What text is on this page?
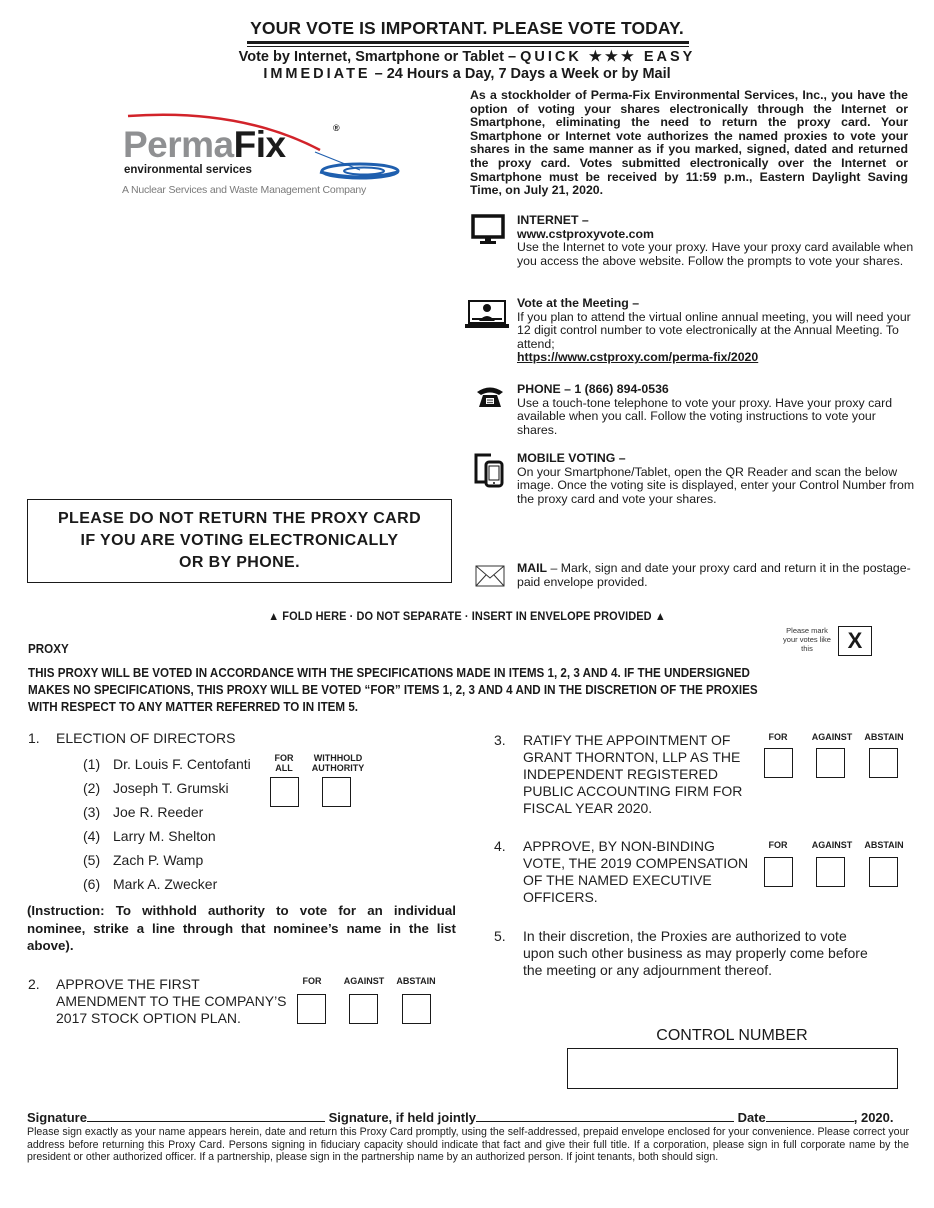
YOUR VOTE IS IMPORTANT. PLEASE VOTE TODAY.
Vote by Internet, Smartphone or Tablet – QUICK ★★★ EASY
IMMEDIATE – 24 Hours a Day, 7 Days a Week or by Mail
PermaFix	®
environmental services
A Nuclear Services and Waste Management Company
As a stockholder of Perma-Fix Environmental Services, Inc., you have the option of voting your shares electronically through the Internet or Smartphone, eliminating the need to return the proxy card. Your Smartphone or Internet vote authorizes the named proxies to vote your shares in the same manner as if you marked, signed, dated and returned the proxy card. Votes submitted electronically over the Internet or Smartphone must be received by 11:59 p.m., Eastern Daylight Saving Time, on July 21, 2020.
INTERNET –
www.cstproxyvote.com
Use the Internet to vote your proxy. Have your proxy card available when you access the above website. Follow the prompts to vote your shares.
Vote at the Meeting –
If you plan to attend the virtual online annual meeting, you will need your 12 digit control number to vote electronically at the Annual Meeting. To attend;
https://www.cstproxy.com/perma-fix/2020
PHONE – 1 (866) 894-0536
Use a touch-tone telephone to vote your proxy. Have your proxy card available when you call. Follow the voting instructions to vote your shares.
MOBILE VOTING –
On your Smartphone/Tablet, open the QR Reader and scan the below image. Once the voting site is displayed, enter your Control Number from the proxy card and vote your shares.
MAIL – Mark, sign and date your proxy card and return it in the postage-paid envelope provided.
PLEASE DO NOT RETURN THE PROXY CARD
IF YOU ARE VOTING ELECTRONICALLY
OR BY PHONE.
▲ FOLD HERE · DO NOT SEPARATE · INSERT IN ENVELOPE PROVIDED ▲
Please mark your votes like this	X
PROXY
THIS PROXY WILL BE VOTED IN ACCORDANCE WITH THE SPECIFICATIONS MADE IN ITEMS 1, 2, 3 AND 4. IF THE UNDERSIGNED MAKES NO SPECIFICATIONS, THIS PROXY WILL BE VOTED “FOR” ITEMS 1, 2, 3 AND 4 AND IN THE DISCRETION OF THE PROXIES WITH RESPECT TO ANY MATTER REFERRED TO IN ITEM 5.
1. ELECTION OF DIRECTORS
(1) Dr. Louis F. Centofanti
(2) Joseph T. Grumski
(3) Joe R. Reeder
(4) Larry M. Shelton
(5) Zach P. Wamp
(6) Mark A. Zwecker
FOR
ALL
WITHHOLD
AUTHORITY
(Instruction: To withhold authority to vote for an individual nominee, strike a line through that nominee’s name in the list above).
2. APPROVE THE FIRST
AMENDMENT TO THE COMPANY’S
2017 STOCK OPTION PLAN.
FOR	AGAINST	ABSTAIN
3. RATIFY THE APPOINTMENT OF
GRANT THORNTON, LLP AS THE
INDEPENDENT REGISTERED
PUBLIC ACCOUNTING FIRM FOR
FISCAL YEAR 2020.
FOR	AGAINST	ABSTAIN
4. APPROVE, BY NON-BINDING
VOTE, THE 2019 COMPENSATION
OF THE NAMED EXECUTIVE
OFFICERS.
FOR	AGAINST	ABSTAIN
5. In their discretion, the Proxies are authorized to vote
upon such other business as may properly come before
the meeting or any adjournment thereof.
CONTROL NUMBER
Signature	Signature, if held jointly	Date	, 2020.
Please sign exactly as your name appears herein, date and return this Proxy Card promptly, using the self-addressed, prepaid envelope enclosed for your convenience. Please correct your address before returning this Proxy Card. Persons signing in fiduciary capacity should indicate that fact and give their full title. If a corporation, please sign in full corporate name by the president or other authorized officer. If a partnership, please sign in the partnership name by an authorized person. If joint tenants, both should sign.
